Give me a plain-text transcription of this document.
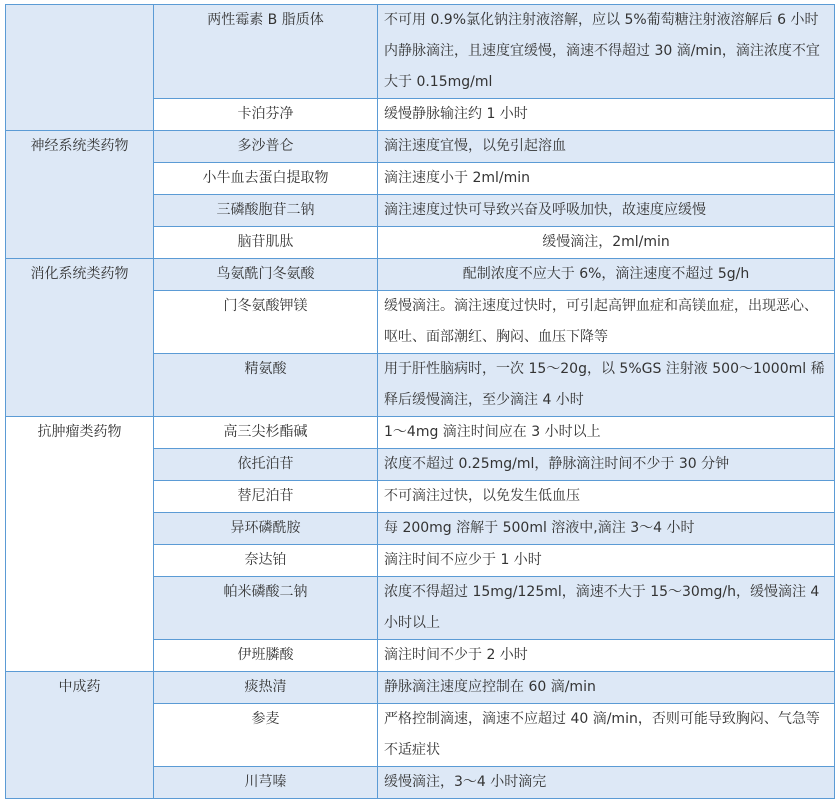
	两性霉素 B 脂质体	不可用 0.9%氯化钠注射液溶解，应以 5%葡萄糖注射液溶解后 6 小时内静脉滴注，且速度宜缓慢，滴速不得超过 30 滴/min，滴注浓度不宜大于 0.15mg/ml
	卡泊芬净	缓慢静脉输注约 1 小时
神经系统类药物	多沙普仑	滴注速度宜慢，以免引起溶血
	小牛血去蛋白提取物	滴注速度小于 2ml/min
	三磷酸胞苷二钠	滴注速度过快可导致兴奋及呼吸加快，故速度应缓慢
	脑苷肌肽	缓慢滴注，2ml/min
消化系统类药物	鸟氨酰门冬氨酸	配制浓度不应大于 6%，滴注速度不超过 5g/h
	门冬氨酸钾镁	缓慢滴注。滴注速度过快时，可引起高钾血症和高镁血症，出现恶心、呕吐、面部潮红、胸闷、血压下降等
	精氨酸	用于肝性脑病时，一次 15～20g，以 5%GS 注射液 500～1000ml 稀释后缓慢滴注，至少滴注 4 小时
抗肿瘤类药物	高三尖杉酯碱	1～4mg 滴注时间应在 3 小时以上
	依托泊苷	浓度不超过 0.25mg/ml，静脉滴注时间不少于 30 分钟
	替尼泊苷	不可滴注过快，以免发生低血压
	异环磷酰胺	每 200mg 溶解于 500ml 溶液中,滴注 3～4 小时
	奈达铂	滴注时间不应少于 1 小时
	帕米磷酸二钠	浓度不得超过 15mg/125ml，滴速不大于 15～30mg/h，缓慢滴注 4 小时以上
	伊班膦酸	滴注时间不少于 2 小时
中成药	痰热清	静脉滴注速度应控制在 60 滴/min
	参麦	严格控制滴速，滴速不应超过 40 滴/min，否则可能导致胸闷、气急等不适症状
	川芎嗪	缓慢滴注，3～4 小时滴完
